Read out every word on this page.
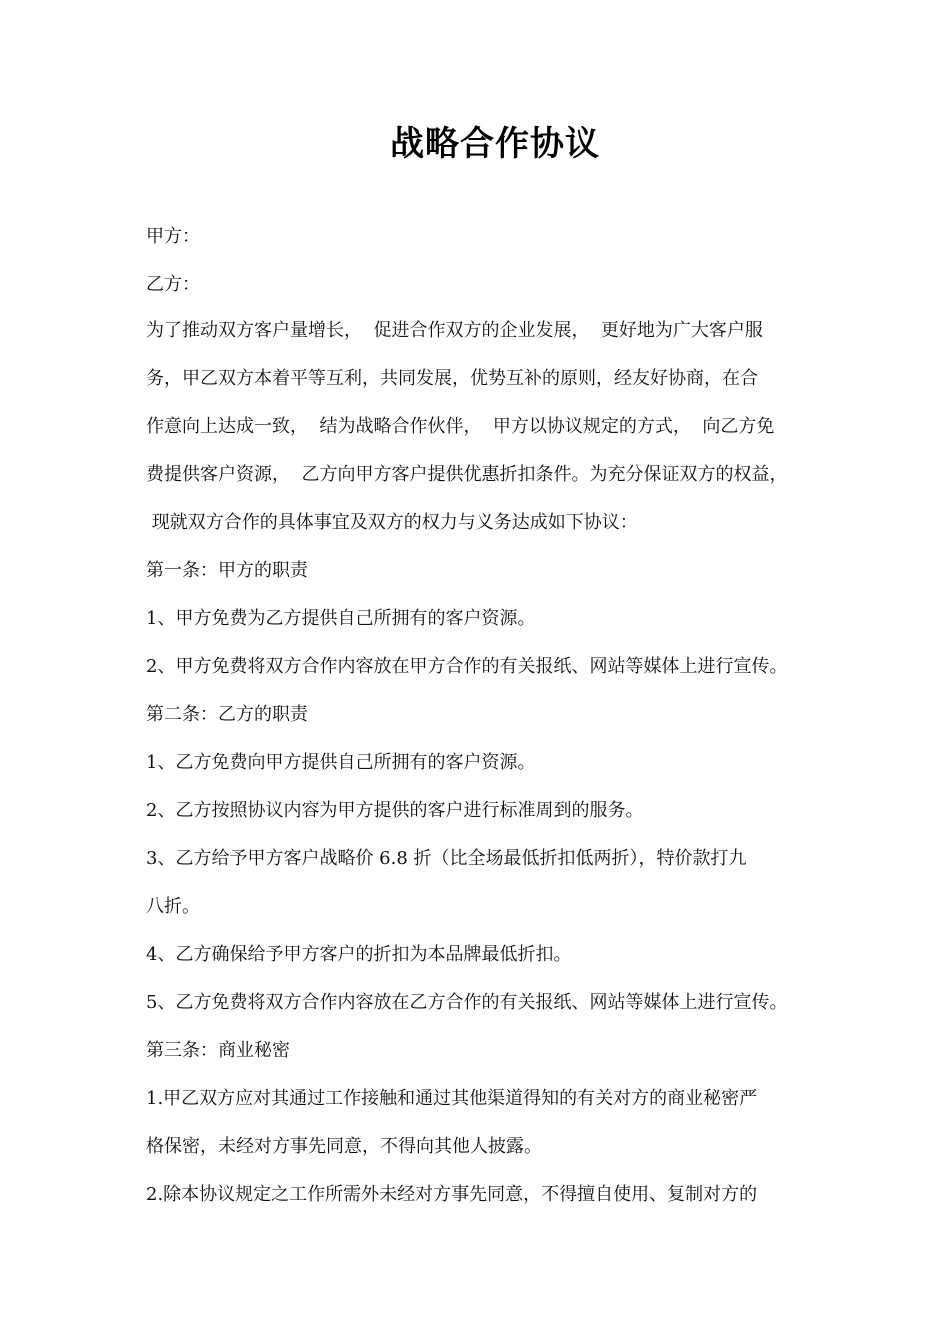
战略合作协议

甲方：

乙方：

为了推动双方客户量增长，  促进合作双方的企业发展，  更好地为广大客户服

务，甲乙双方本着平等互利，共同发展，优势互补的原则，经友好协商，在合

作意向上达成一致，  结为战略合作伙伴，  甲方以协议规定的方式，  向乙方免

费提供客户资源，  乙方向甲方客户提供优惠折扣条件。为充分保证双方的权益，

现就双方合作的具体事宜及双方的权力与义务达成如下协议：

第一条：甲方的职责

1、甲方免费为乙方提供自己所拥有的客户资源。

2、甲方免费将双方合作内容放在甲方合作的有关报纸、网站等媒体上进行宣传。

第二条：乙方的职责

1、乙方免费向甲方提供自己所拥有的客户资源。

2、乙方按照协议内容为甲方提供的客户进行标准周到的服务。

3、乙方给予甲方客户战略价 6.8 折（比全场最低折扣低两折），特价款打九

八折。

4、乙方确保给予甲方客户的折扣为本品牌最低折扣。

5、乙方免费将双方合作内容放在乙方合作的有关报纸、网站等媒体上进行宣传。

第三条：商业秘密

1.甲乙双方应对其通过工作接触和通过其他渠道得知的有关对方的商业秘密严

格保密，未经对方事先同意，不得向其他人披露。

2.除本协议规定之工作所需外未经对方事先同意，不得擅自使用、复制对方的
